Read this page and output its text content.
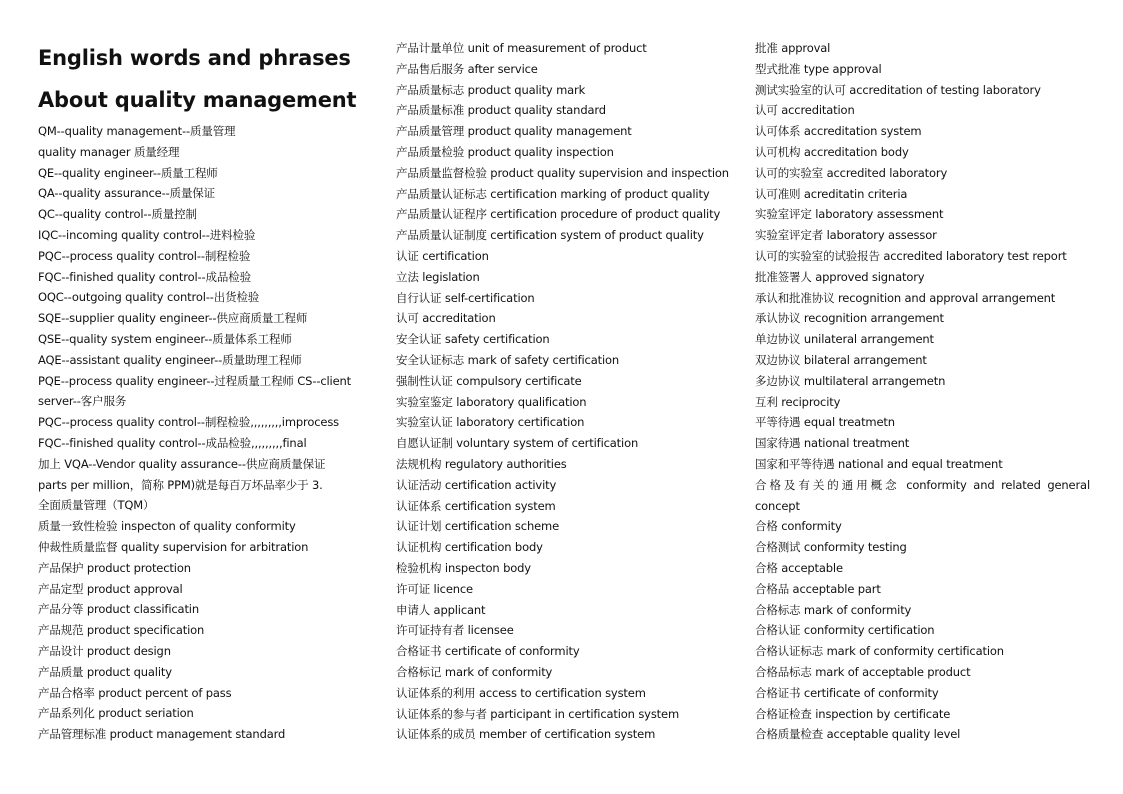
English words and phrases
About quality management
QM--quality management--质量管理
quality manager 质量经理
QE--quality engineer--质量工程师
QA--quality assurance--质量保证
QC--quality control--质量控制
IQC--incoming quality control--进料检验
PQC--process quality control--制程检验
FQC--finished quality control--成品检验
OQC--outgoing quality control--出货检验
SQE--supplier quality engineer--供应商质量工程师
QSE--quality system engineer--质量体系工程师
AQE--assistant quality engineer--质量助理工程师
PQE--process quality engineer--过程质量工程师 CS--client
server--客户服务
PQC--process quality control--制程检验,,,,,,,,,improcess
FQC--finished quality control--成品检验,,,,,,,,,final
加上 VQA--Vendor quality assurance--供应商质量保证
parts per million，简称 PPM)就是每百万坏品率少于 3.
全面质量管理（TQM）
质量一致性检验 inspecton of quality conformity
仲裁性质量监督 quality supervision for arbitration
产品保护 product protection
产品定型 product approval
产品分等 product classificatin
产品规范 product specification
产品设计 product design
产品质量 product quality
产品合格率 product percent of pass
产品系列化 product seriation
产品管理标准 product management standard
产品计量单位 unit of measurement of product
产品售后服务 after service
产品质量标志 product quality mark
产品质量标准 product quality standard
产品质量管理 product quality management
产品质量检验 product quality inspection
产品质量监督检验 product quality supervision and inspection
产品质量认证标志 certification marking of product quality
产品质量认证程序 certification procedure of product quality
产品质量认证制度 certification system of product quality
认证 certification
立法 legislation
自行认证 self-certification
认可 accreditation
安全认证 safety certification
安全认证标志 mark of safety certification
强制性认证 compulsory certificate
实验室鉴定 laboratory qualification
实验室认证 laboratory certification
自愿认证制 voluntary system of certification
法规机构 regulatory authorities
认证活动 certification activity
认证体系 certification system
认证计划 certification scheme
认证机构 certification body
检验机构 inspecton body
许可证 licence
申请人 applicant
许可证持有者 licensee
合格证书 certificate of conformity
合格标记 mark of conformity
认证体系的利用 access to certification system
认证体系的参与者 participant in certification system
认证体系的成员 member of certification system
批准 approval
型式批准 type approval
测试实验室的认可 accreditation of testing laboratory
认可 accreditation
认可体系 accreditation system
认可机构 accreditation body
认可的实验室 accredited laboratory
认可准则 acreditatin criteria
实验室评定 laboratory assessment
实验室评定者 laboratory assessor
认可的实验室的试验报告 accredited laboratory test report
批准签署人 approved signatory
承认和批准协议 recognition and approval arrangement
承认协议 recognition arrangement
单边协议 unilateral arrangement
双边协议 bilateral arrangement
多边协议 multilateral arrangemetn
互利 reciprocity
平等待遇 equal treatmetn
国家待遇 national treatment
国家和平等待遇 national and equal treatment
合格及有关的通用概念 conformity and related general
concept
合格 conformity
合格测试 conformity testing
合格 acceptable
合格品 acceptable part
合格标志 mark of conformity
合格认证 conformity certification
合格认证标志 mark of conformity certification
合格品标志 mark of acceptable product
合格证书 certificate of conformity
合格证检查 inspection by certificate
合格质量检查 acceptable quality level
